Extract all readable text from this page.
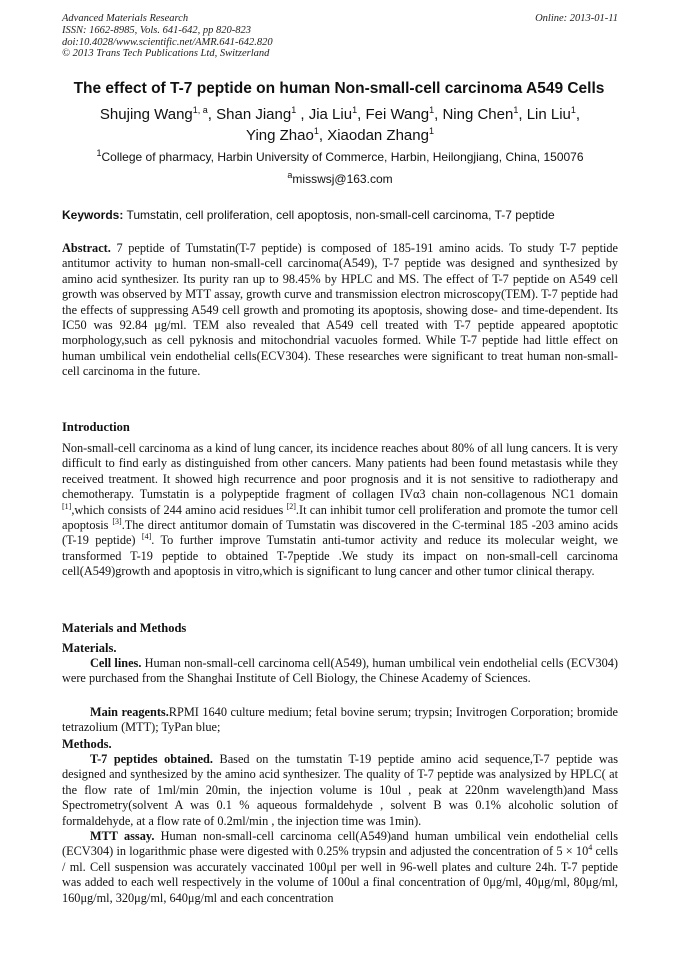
Advanced Materials Research
ISSN: 1662-8985, Vols. 641-642, pp 820-823
doi:10.4028/www.scientific.net/AMR.641-642.820
© 2013 Trans Tech Publications Ltd, Switzerland
Online: 2013-01-11
The effect of T-7 peptide on human Non-small-cell carcinoma A549 Cells
Shujing Wang$^{1, a}$, Shan Jiang$^1$ , Jia Liu$^1$, Fei Wang$^1$, Ning Chen$^1$, Lin Liu$^1$,
Ying Zhao$^1$, Xiaodan Zhang$^1$
$^1$College of pharmacy, Harbin University of Commerce, Harbin, Heilongjiang, China, 150076
$^a$misswsj@163.com
Keywords: Tumstatin, cell proliferation, cell apoptosis, non-small-cell carcinoma, T-7 peptide
Abstract. 7 peptide of Tumstatin(T-7 peptide) is composed of 185-191 amino acids. To study T-7 peptide antitumor activity to human non-small-cell carcinoma(A549), T-7 peptide was designed and synthesized by amino acid synthesizer. Its purity ran up to 98.45% by HPLC and MS. The effect of T-7 peptide on A549 cell growth was observed by MTT assay, growth curve and transmission electron microscopy(TEM). T-7 peptide had the effects of suppressing A549 cell growth and promoting its apoptosis, showing dose- and time-dependent. Its IC50 was 92.84 μg/ml. TEM also revealed that A549 cell treated with T-7 peptide appeared apoptotic morphology,such as cell pyknosis and mitochondrial vacuoles formed. While T-7 peptide had little effect on human umbilical vein endothelial cells(ECV304). These researches were significant to treat human non-small-cell carcinoma in the future.
Introduction
Non-small-cell carcinoma as a kind of lung cancer, its incidence reaches about 80% of all lung cancers. It is very difficult to find early as distinguished from other cancers. Many patients had been found metastasis while they received treatment. It showed high recurrence and poor prognosis and it is not sensitive to radiotherapy and chemotherapy. Tumstatin is a polypeptide fragment of collagen IVα3 chain non-collagenous NC1 domain [1],which consists of 244 amino acid residues [2].It can inhibit tumor cell proliferation and promote the tumor cell apoptosis [3].The direct antitumor domain of Tumstatin was discovered in the C-terminal 185 -203 amino acids (T-19 peptide) [4]. To further improve Tumstatin anti-tumor activity and reduce its molecular weight, we transformed T-19 peptide to obtained T-7peptide .We study its impact on non-small-cell carcinoma cell(A549)growth and apoptosis in vitro,which is significant to lung cancer and other tumor clinical therapy.
Materials and Methods
Materials.
Cell lines. Human non-small-cell carcinoma cell(A549), human umbilical vein endothelial cells (ECV304) were purchased from the Shanghai Institute of Cell Biology, the Chinese Academy of Sciences.
Main reagents.RPMI 1640 culture medium; fetal bovine serum; trypsin; Invitrogen Corporation; bromide tetrazolium (MTT); TyPan blue;
Methods.
T-7 peptides obtained. Based on the tumstatin T-19 peptide amino acid sequence,T-7 peptide was designed and synthesized by the amino acid synthesizer. The quality of T-7 peptide was analysized by HPLC( at the flow rate of 1ml/min 20min, the injection volume is 10ul , peak at 220nm wavelength)and Mass Spectrometry(solvent A was 0.1 % aqueous formaldehyde , solvent B was 0.1% alcoholic solution of formaldehyde, at a flow rate of 0.2ml/min , the injection time was 1min).
MTT assay. Human non-small-cell carcinoma cell(A549)and human umbilical vein endothelial cells (ECV304) in logarithmic phase were digested with 0.25% trypsin and adjusted the concentration of 5 × 10$^4$ cells / ml. Cell suspension was accurately vaccinated 100μl per well in 96-well plates and culture 24h. T-7 peptide was added to each well respectively in the volume of 100ul a final concentration of 0μg/ml, 40μg/ml, 80μg/ml, 160μg/ml, 320μg/ml, 640μg/ml and each concentration
